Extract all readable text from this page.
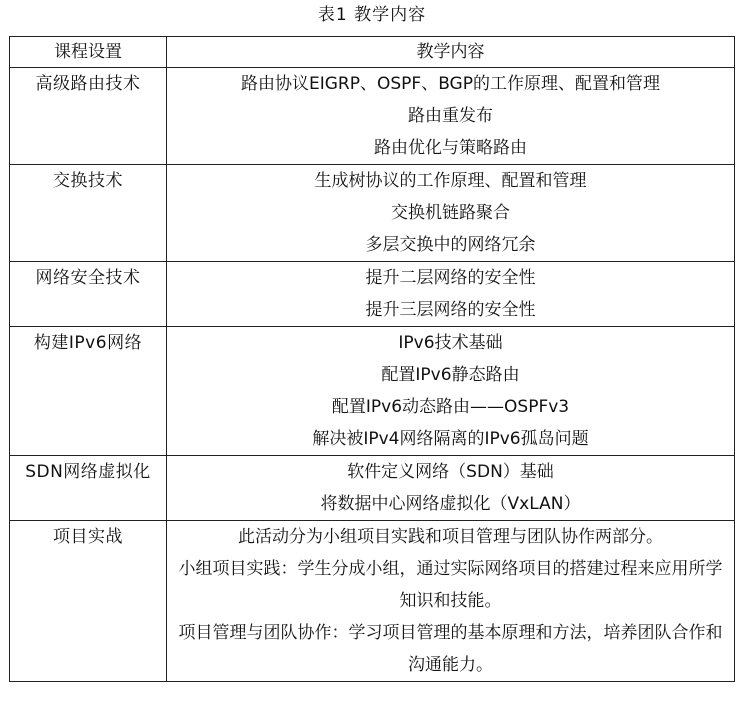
表1 教学内容
课程设置	教学内容
高级路由技术	路由协议EIGRP、OSPF、BGP的工作原理、配置和管理
路由重发布
路由优化与策略路由

交换技术	生成树协议的工作原理、配置和管理
交换机链路聚合
多层交换中的网络冗余

网络安全技术	提升二层网络的安全性
提升三层网络的安全性

构建IPv6网络	IPv6技术基础
配置IPv6静态路由
配置IPv6动态路由——OSPFv3
解决被IPv4网络隔离的IPv6孤岛问题

SDN网络虚拟化	软件定义网络（SDN）基础
将数据中心网络虚拟化（VxLAN）

项目实战	此活动分为小组项目实践和项目管理与团队协作两部分。
小组项目实践：学生分成小组，通过实际网络项目的搭建过程来应用所学知识和技能。
项目管理与团队协作：学习项目管理的基本原理和方法，培养团队合作和沟通能力。
